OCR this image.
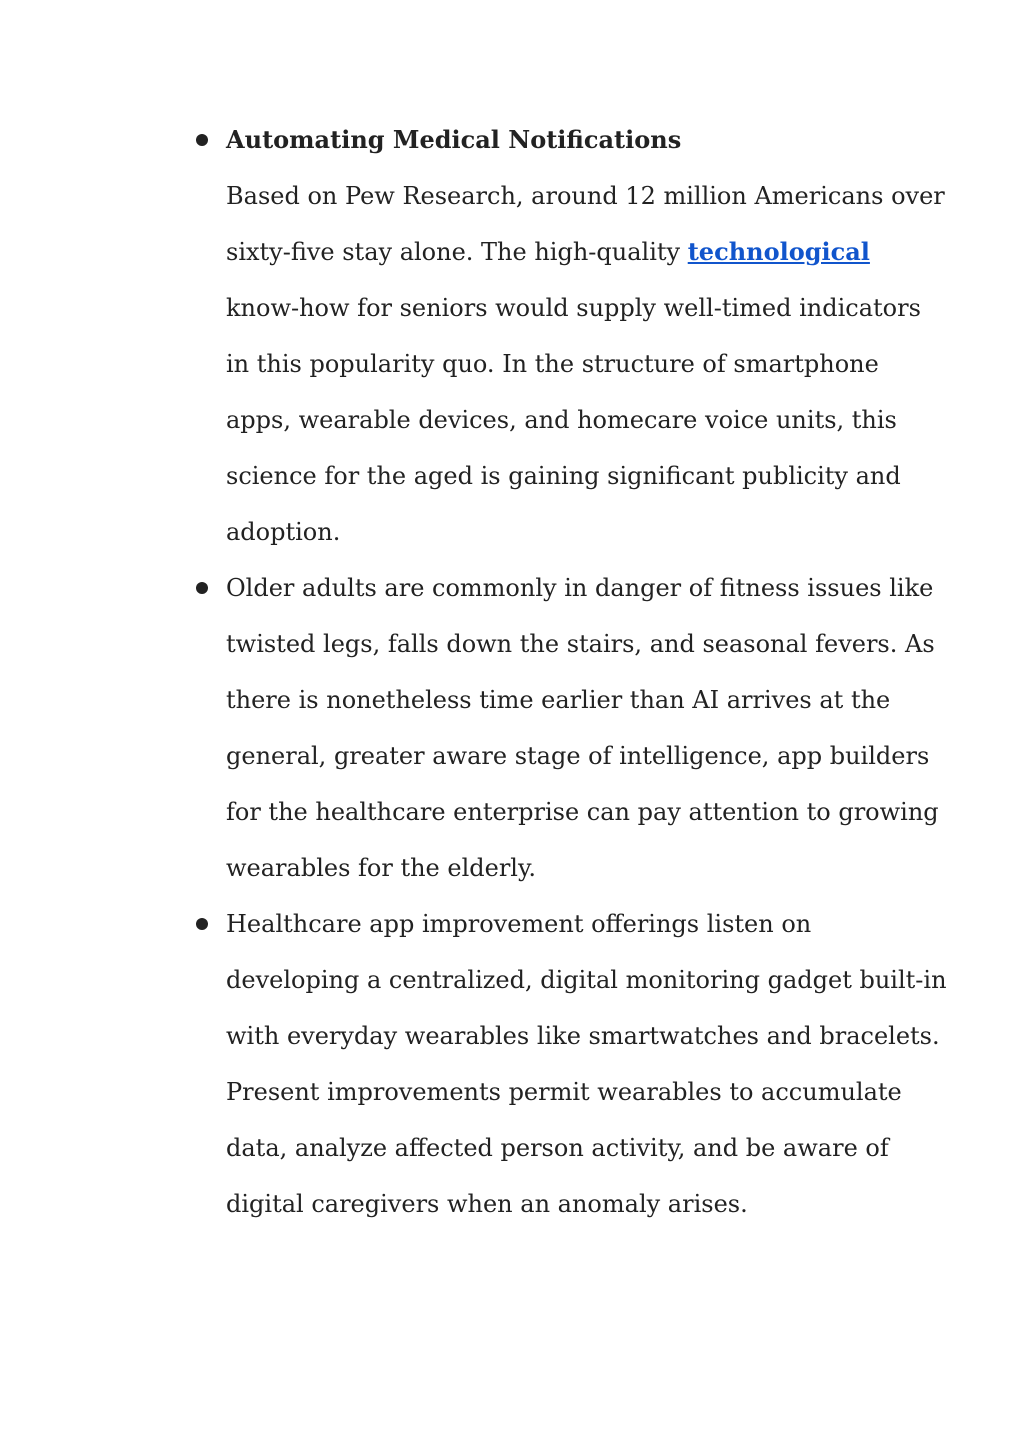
Automating Medical Notifications
Based on Pew Research, around 12 million Americans over
sixty-five stay alone. The high-quality technological
know-how for seniors would supply well-timed indicators
in this popularity quo. In the structure of smartphone
apps, wearable devices, and homecare voice units, this
science for the aged is gaining significant publicity and
adoption.
Older adults are commonly in danger of fitness issues like
twisted legs, falls down the stairs, and seasonal fevers. As
there is nonetheless time earlier than AI arrives at the
general, greater aware stage of intelligence, app builders
for the healthcare enterprise can pay attention to growing
wearables for the elderly.
Healthcare app improvement offerings listen on
developing a centralized, digital monitoring gadget built-in
with everyday wearables like smartwatches and bracelets.
Present improvements permit wearables to accumulate
data, analyze affected person activity, and be aware of
digital caregivers when an anomaly arises.
